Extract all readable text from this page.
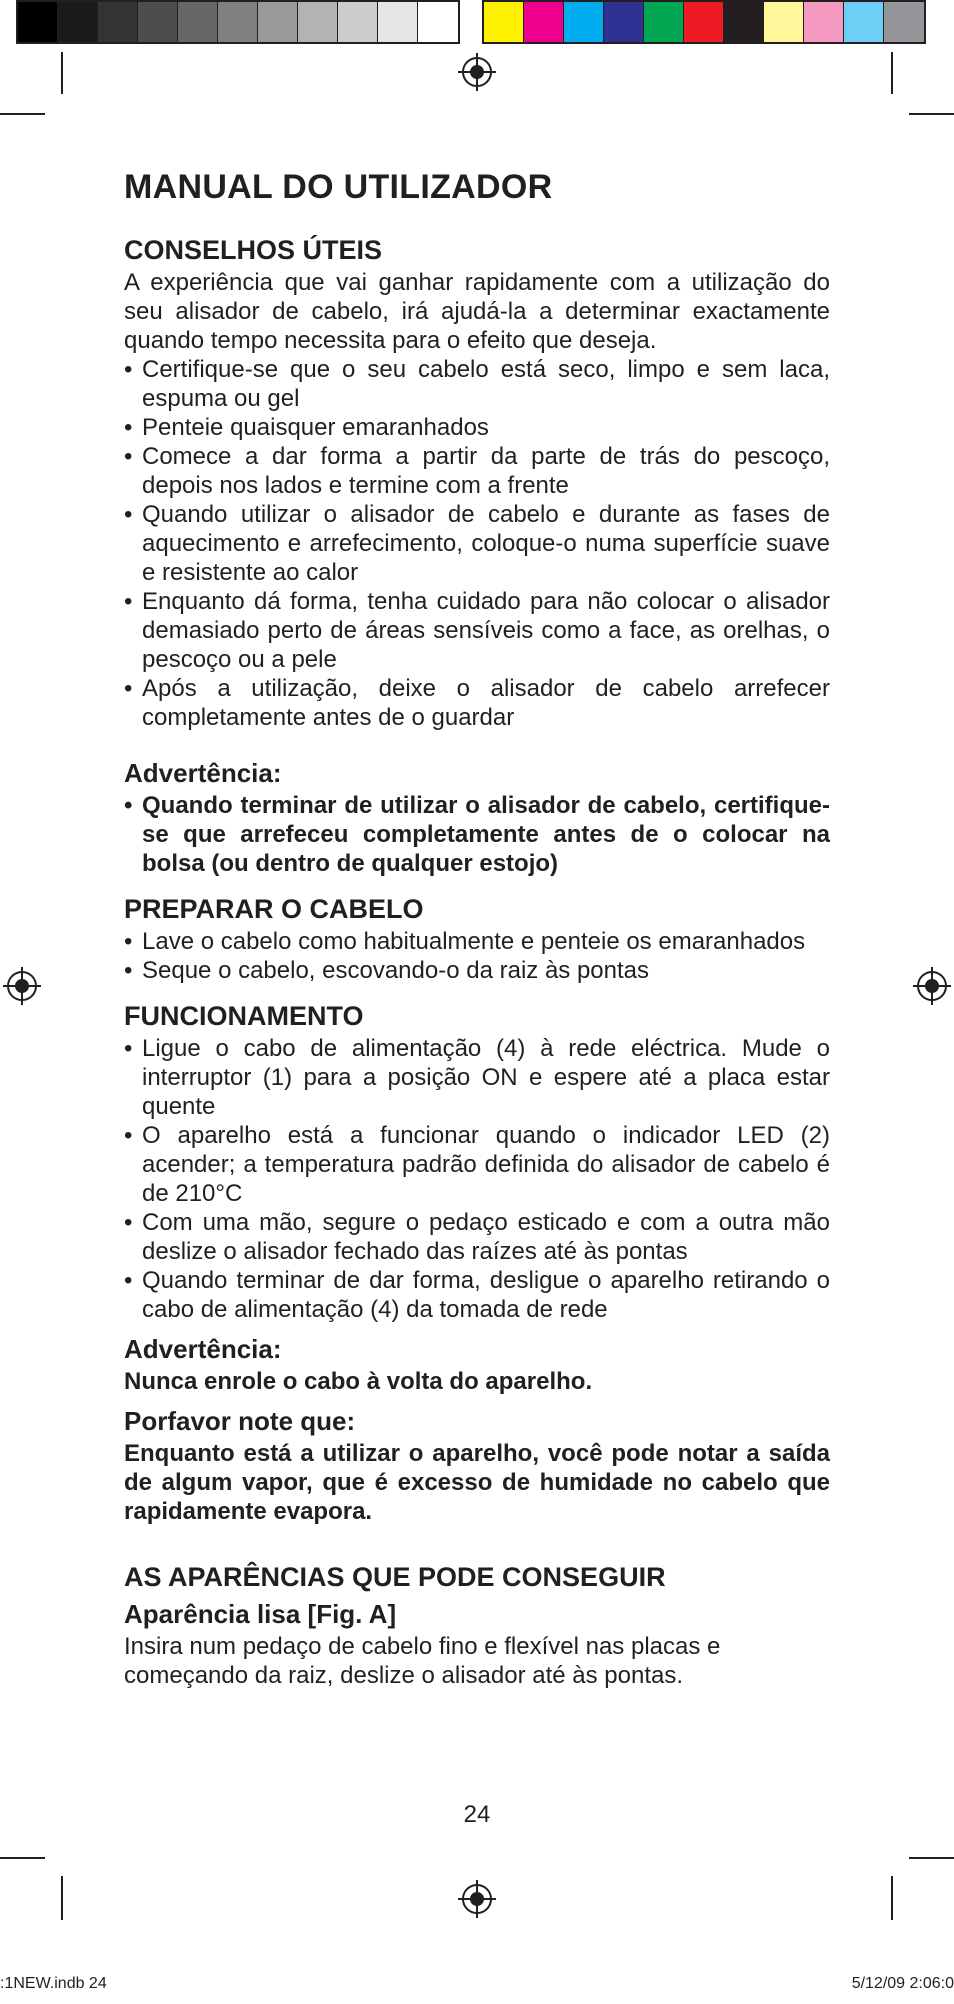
MANUAL DO UTILIZADOR
CONSELHOS ÚTEIS

A experiência que vai ganhar rapidamente com a utilização do seu alisador de cabelo, irá ajudá-la a determinar exactamente quando tempo necessita para o efeito que deseja.

• Certifique-se que o seu cabelo está seco, limpo e sem laca, espuma ou gel
• Penteie quaisquer emaranhados
• Comece a dar forma a partir da parte de trás do pescoço, depois nos lados e termine com a frente
• Quando utilizar o alisador de cabelo e durante as fases de aquecimento e arrefecimento, coloque-o numa superfície suave e resistente ao calor
• Enquanto dá forma, tenha cuidado para não colocar o alisador demasiado perto de áreas sensíveis como a face, as orelhas, o pescoço ou a pele
• Após a utilização, deixe o alisador de cabelo arrefecer completamente antes de o guardar
Advertência:
• Quando terminar de utilizar o alisador de cabelo, certifique-se que arrefeceu completamente antes de o colocar na bolsa (ou dentro de qualquer estojo)
PREPARAR O CABELO
• Lave o cabelo como habitualmente e penteie os emaranhados
• Seque o cabelo, escovando-o da raiz às pontas
FUNCIONAMENTO
• Ligue o cabo de alimentação (4) à rede eléctrica. Mude o interruptor (1) para a posição ON e espere até a placa estar quente
• O aparelho está a funcionar quando o indicador LED (2) acender; a temperatura padrão definida do alisador de cabelo é de 210°C
• Com uma mão, segure o pedaço esticado e com a outra mão deslize o alisador fechado das raízes até às pontas
• Quando terminar de dar forma, desligue o aparelho retirando o cabo de alimentação (4) da tomada de rede
Advertência:

Nunca enrole o cabo à volta do aparelho.

Porfavor note que:

Enquanto está a utilizar o aparelho, você pode notar a saída de algum vapor, que é excesso de humidade no cabelo que rapidamente evapora.

AS APARÊNCIAS QUE PODE CONSEGUIR
Aparência lisa [Fig. A]

Insira num pedaço de cabelo fino e flexível nas placas e começando da raiz, deslize o alisador até às pontas.

24
:1NEW.indb 24	5/12/09 2:06:0
